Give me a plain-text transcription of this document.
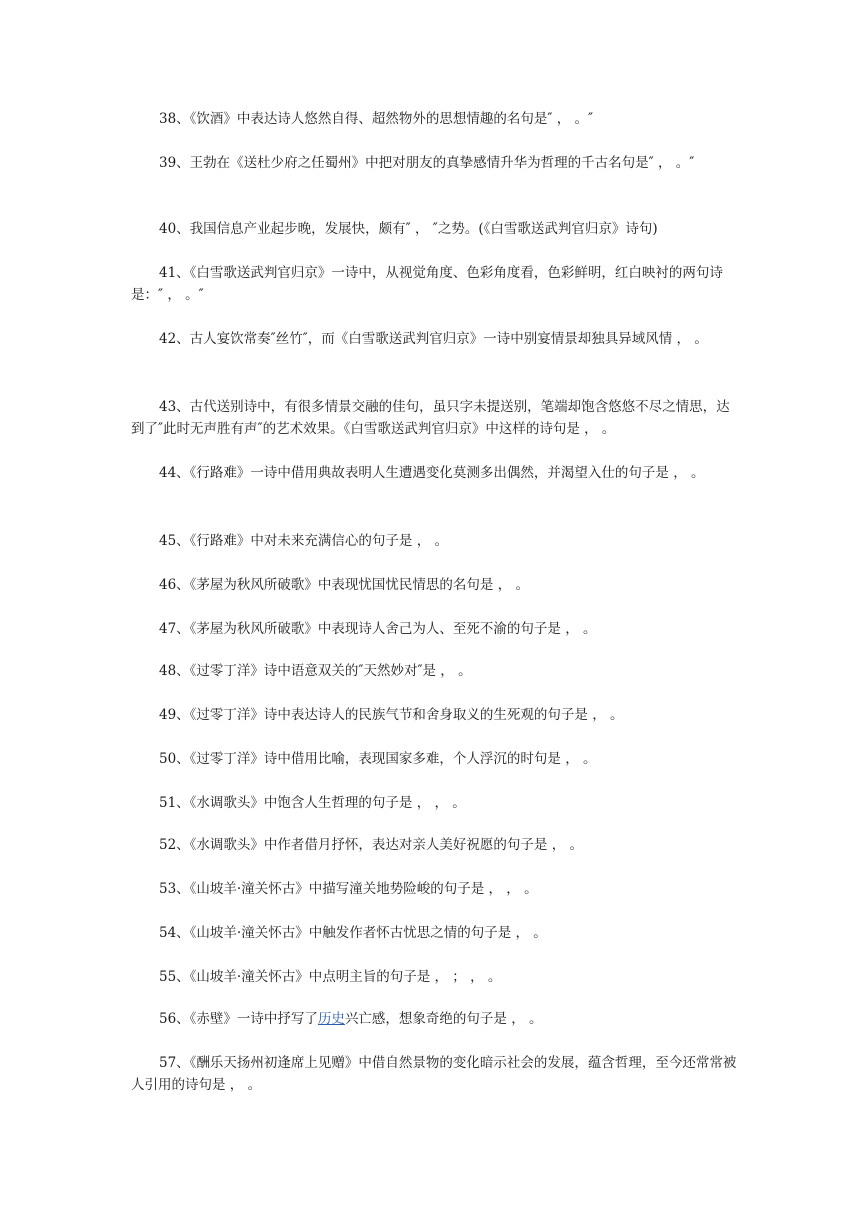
38、《饮酒》中表达诗人悠然自得、超然物外的思想情趣的名句是″ ， 。″

39、王勃在《送杜少府之任蜀州》中把对朋友的真挚感情升华为哲理的千古名句是″ ， 。″

40、我国信息产业起步晚，发展快，颇有″ ， ″之势。(《白雪歌送武判官归京》诗句)

41、《白雪歌送武判官归京》一诗中，从视觉角度、色彩角度看，色彩鲜明，红白映衬的两句诗是：″ ， 。″

42、古人宴饮常奏″丝竹″，而《白雪歌送武判官归京》一诗中别宴情景却独具异域风情 ， 。

43、古代送别诗中，有很多情景交融的佳句，虽只字未提送别，笔端却饱含悠悠不尽之情思，达到了″此时无声胜有声″的艺术效果。《白雪歌送武判官归京》中这样的诗句是 ， 。

44、《行路难》一诗中借用典故表明人生遭遇变化莫测多出偶然，并渴望入仕的句子是 ， 。

45、《行路难》中对未来充满信心的句子是 ， 。

46、《茅屋为秋风所破歌》中表现忧国忧民情思的名句是 ， 。

47、《茅屋为秋风所破歌》中表现诗人舍己为人、至死不渝的句子是 ， 。

48、《过零丁洋》诗中语意双关的″天然妙对″是 ， 。

49、《过零丁洋》诗中表达诗人的民族气节和舍身取义的生死观的句子是 ， 。

50、《过零丁洋》诗中借用比喻，表现国家多难，个人浮沉的时句是 ， 。

51、《水调歌头》中饱含人生哲理的句子是 ， ， 。

52、《水调歌头》中作者借月抒怀，表达对亲人美好祝愿的句子是 ， 。

53、《山坡羊·潼关怀古》中描写潼关地势险峻的句子是 ， ， 。

54、《山坡羊·潼关怀古》中触发作者怀古忧思之情的句子是 ， 。

55、《山坡羊·潼关怀古》中点明主旨的句子是 ， ； ， 。

56、《赤壁》一诗中抒写了历史兴亡感，想象奇绝的句子是 ， 。

57、《酬乐天扬州初逢席上见赠》中借自然景物的变化暗示社会的发展，蕴含哲理，至今还常常被人引用的诗句是 ， 。
